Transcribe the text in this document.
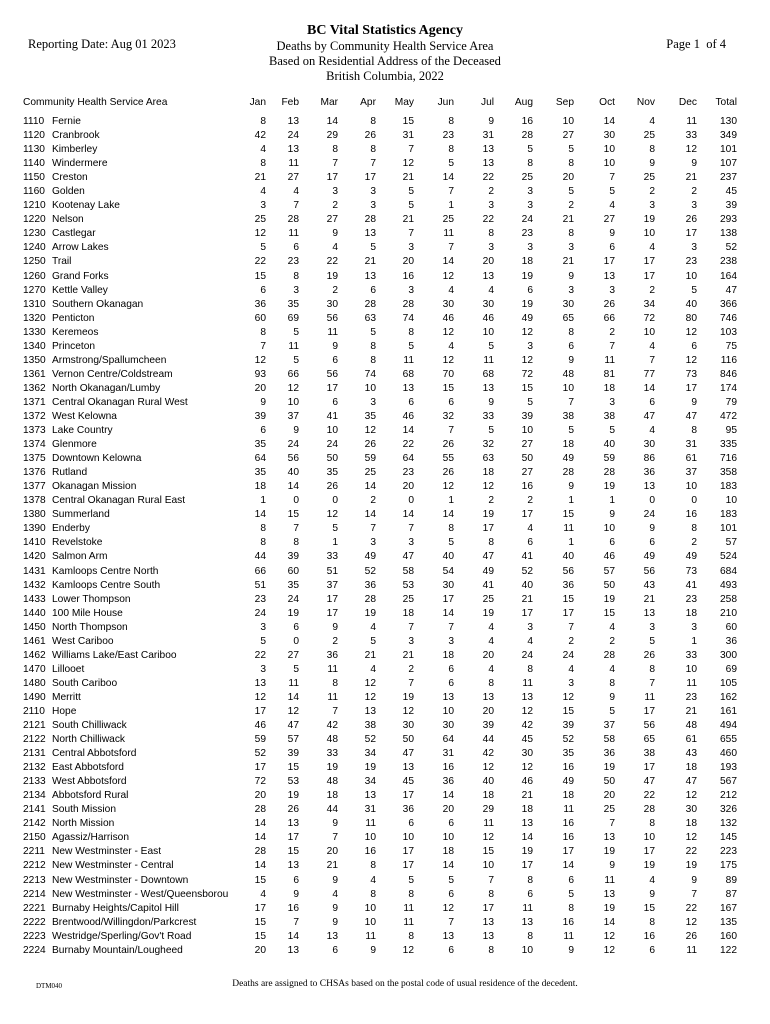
Reporting Date: Aug 01 2023
BC Vital Statistics Agency
Deaths by Community Health Service Area
Based on Residential Address of the Deceased
British Columbia, 2022
Page 1 of 4
Community Health Service Area	Jan	Feb	Mar	Apr	May	Jun	Jul	Aug	Sep	Oct	Nov	Dec	Total
1110 Fernie	8	13	14	8	15	8	9	16	10	14	4	11	130
1120 Cranbrook	42	24	29	26	31	23	31	28	27	30	25	33	349
1130 Kimberley	4	13	8	8	7	8	13	5	5	10	8	12	101
1140 Windermere	8	11	7	7	12	5	13	8	8	10	9	9	107
1150 Creston	21	27	17	17	21	14	22	25	20	7	25	21	237
1160 Golden	4	4	3	3	5	7	2	3	5	5	2	2	45
1210 Kootenay Lake	3	7	2	3	5	1	3	3	2	4	3	3	39
1220 Nelson	25	28	27	28	21	25	22	24	21	27	19	26	293
1230 Castlegar	12	11	9	13	7	11	8	23	8	9	10	17	138
1240 Arrow Lakes	5	6	4	5	3	7	3	3	3	6	4	3	52
1250 Trail	22	23	22	21	20	14	20	18	21	17	17	23	238
1260 Grand Forks	15	8	19	13	16	12	13	19	9	13	17	10	164
1270 Kettle Valley	6	3	2	6	3	4	4	6	3	3	2	5	47
1310 Southern Okanagan	36	35	30	28	28	30	30	19	30	26	34	40	366
1320 Penticton	60	69	56	63	74	46	46	49	65	66	72	80	746
1330 Keremeos	8	5	11	5	8	12	10	12	8	2	10	12	103
1340 Princeton	7	11	9	8	5	4	5	3	6	7	4	6	75
1350 Armstrong/Spallumcheen	12	5	6	8	11	12	11	12	9	11	7	12	116
1361 Vernon Centre/Coldstream	93	66	56	74	68	70	68	72	48	81	77	73	846
1362 North Okanagan/Lumby	20	12	17	10	13	15	13	15	10	18	14	17	174
1371 Central Okanagan Rural West	9	10	6	3	6	6	9	5	7	3	6	9	79
1372 West Kelowna	39	37	41	35	46	32	33	39	38	38	47	47	472
1373 Lake Country	6	9	10	12	14	7	5	10	5	5	4	8	95
1374 Glenmore	35	24	24	26	22	26	32	27	18	40	30	31	335
1375 Downtown Kelowna	64	56	50	59	64	55	63	50	49	59	86	61	716
1376 Rutland	35	40	35	25	23	26	18	27	28	28	36	37	358
1377 Okanagan Mission	18	14	26	14	20	12	12	16	9	19	13	10	183
1378 Central Okanagan Rural East	1	0	0	2	0	1	2	2	1	1	0	0	10
1380 Summerland	14	15	12	14	14	14	19	17	15	9	24	16	183
1390 Enderby	8	7	5	7	7	8	17	4	11	10	9	8	101
1410 Revelstoke	8	8	1	3	3	5	8	6	1	6	6	2	57
1420 Salmon Arm	44	39	33	49	47	40	47	41	40	46	49	49	524
1431 Kamloops Centre North	66	60	51	52	58	54	49	52	56	57	56	73	684
1432 Kamloops Centre South	51	35	37	36	53	30	41	40	36	50	43	41	493
1433 Lower Thompson	23	24	17	28	25	17	25	21	15	19	21	23	258
1440 100 Mile House	24	19	17	19	18	14	19	17	17	15	13	18	210
1450 North Thompson	3	6	9	4	7	7	4	3	7	4	3	3	60
1461 West Cariboo	5	0	2	5	3	3	4	4	2	2	5	1	36
1462 Williams Lake/East Cariboo	22	27	36	21	21	18	20	24	24	28	26	33	300
1470 Lillooet	3	5	11	4	2	6	4	8	4	4	8	10	69
1480 South Cariboo	13	11	8	12	7	6	8	11	3	8	7	11	105
1490 Merritt	12	14	11	12	19	13	13	13	12	9	11	23	162
2110 Hope	17	12	7	13	12	10	20	12	15	5	17	21	161
2121 South Chilliwack	46	47	42	38	30	30	39	42	39	37	56	48	494
2122 North Chilliwack	59	57	48	52	50	64	44	45	52	58	65	61	655
2131 Central Abbotsford	52	39	33	34	47	31	42	30	35	36	38	43	460
2132 East Abbotsford	17	15	19	19	13	16	12	12	16	19	17	18	193
2133 West Abbotsford	72	53	48	34	45	36	40	46	49	50	47	47	567
2134 Abbotsford Rural	20	19	18	13	17	14	18	21	18	20	22	12	212
2141 South Mission	28	26	44	31	36	20	29	18	11	25	28	30	326
2142 North Mission	14	13	9	11	6	6	11	13	16	7	8	18	132
2150 Agassiz/Harrison	14	17	7	10	10	10	12	14	16	13	10	12	145
2211 New Westminster - East	28	15	20	16	17	18	15	19	17	19	17	22	223
2212 New Westminster - Central	14	13	21	8	17	14	10	17	14	9	19	19	175
2213 New Westminster - Downtown	15	6	9	4	5	5	7	8	6	11	4	9	89
2214 New Westminster - West/Queensborou	4	9	4	8	8	6	8	6	5	13	9	7	87
2221 Burnaby Heights/Capitol Hill	17	16	9	10	11	12	17	11	8	19	15	22	167
2222 Brentwood/Willingdon/Parkcrest	15	7	9	10	11	7	13	13	16	14	8	12	135
2223 Westridge/Sperling/Gov't Road	15	14	13	11	8	13	13	8	11	12	16	26	160
2224 Burnaby Mountain/Lougheed	20	13	6	9	12	6	8	10	9	12	6	11	122
DTM040	Deaths are assigned to CHSAs based on the postal code of usual residence of the decedent.
